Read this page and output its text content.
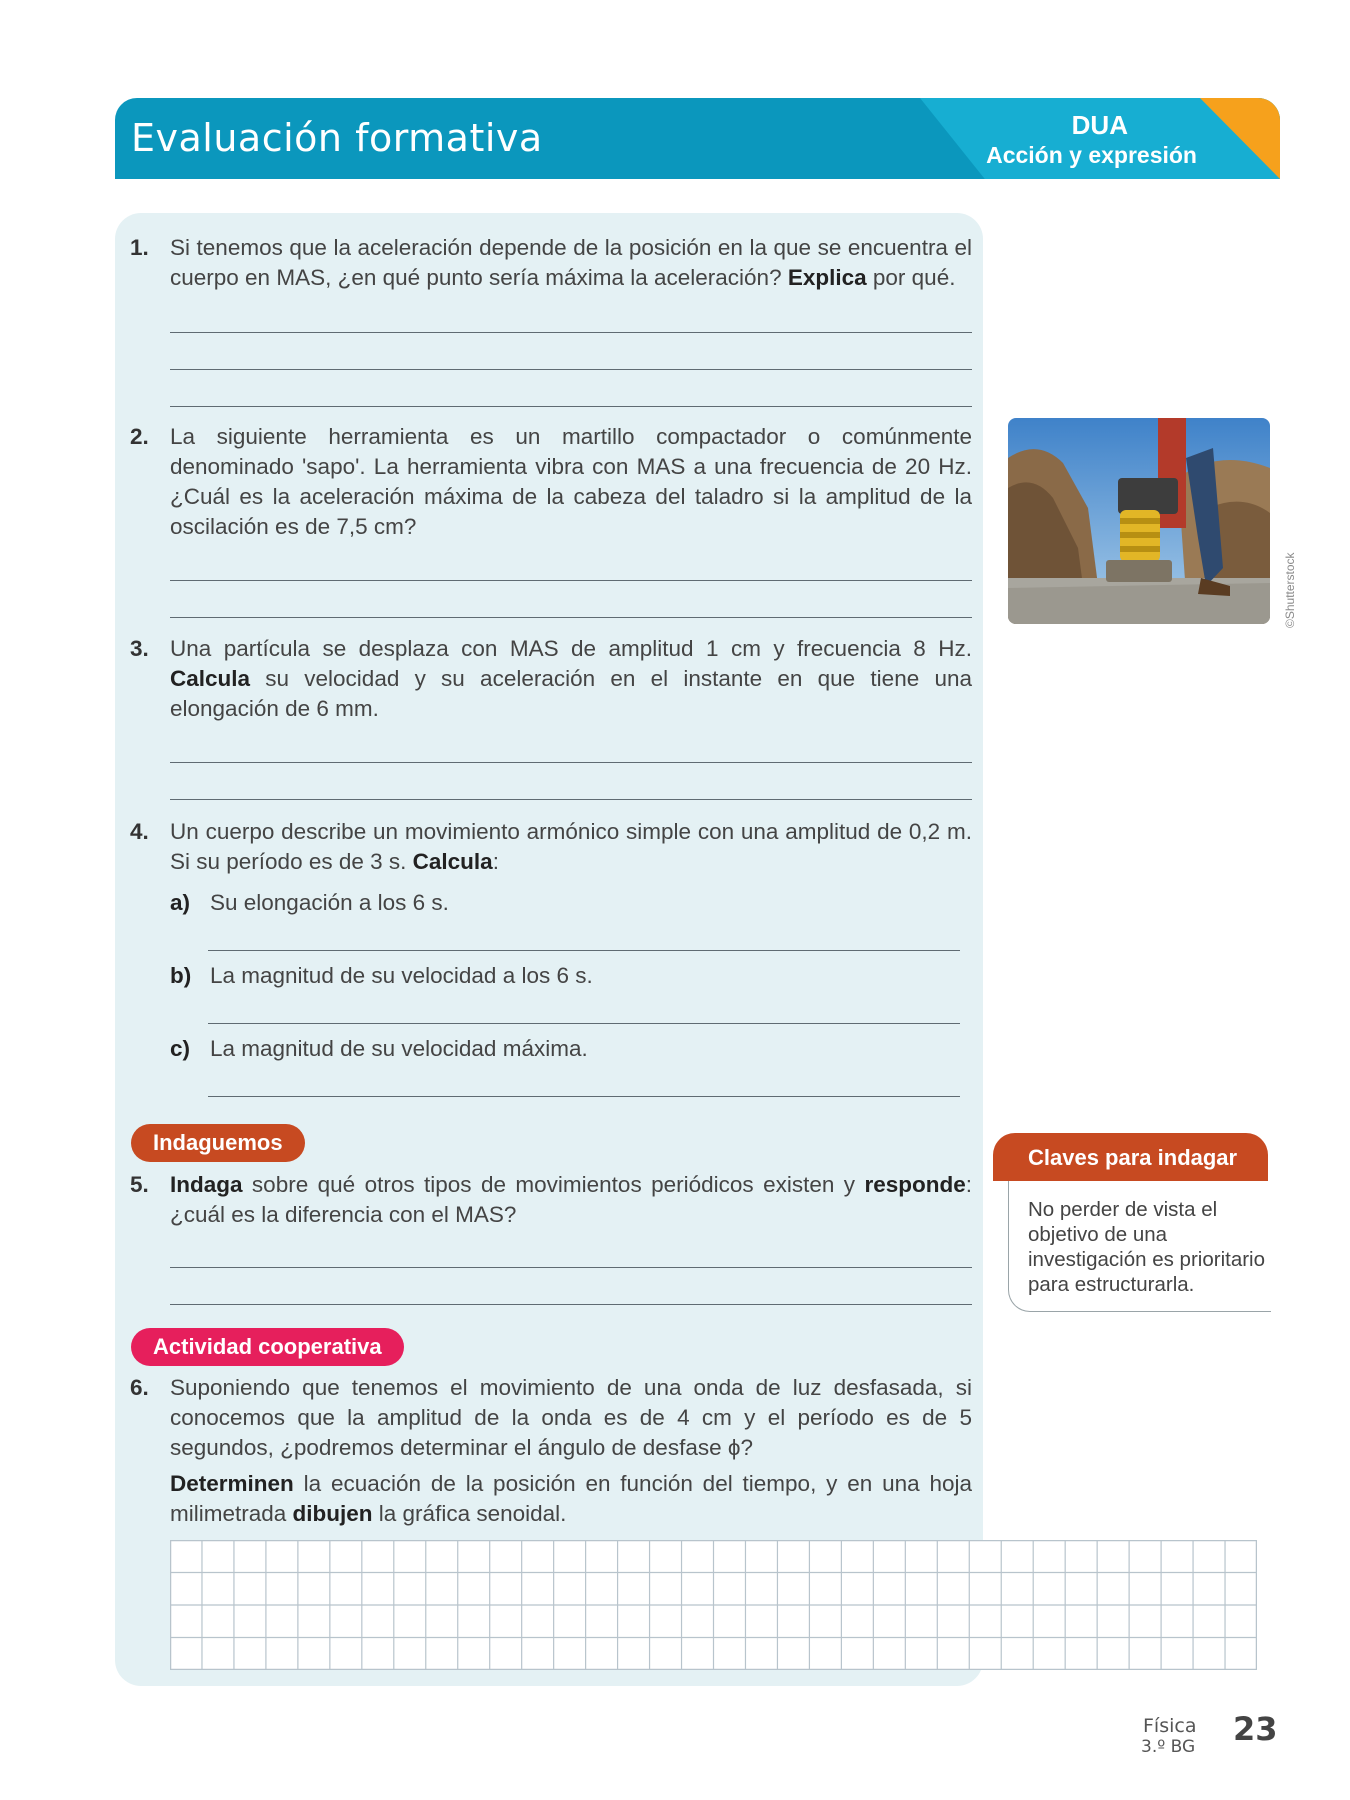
Evaluación formativa	DUA
Acción y expresión
1. Si tenemos que la aceleración depende de la posición en la que se encuentra el cuerpo en MAS, ¿en qué punto sería máxima la aceleración? Explica por qué.
2. La siguiente herramienta es un martillo compactador o comúnmente denominado 'sapo'. La herramienta vibra con MAS a una frecuencia de 20 Hz. ¿Cuál es la aceleración máxima de la cabeza del taladro si la amplitud de la oscilación es de 7,5 cm?
3. Una partícula se desplaza con MAS de amplitud 1 cm y frecuencia 8 Hz. Calcula su velocidad y su aceleración en el instante en que tiene una elongación de 6 mm.
4. Un cuerpo describe un movimiento armónico simple con una amplitud de 0,2 m. Si su período es de 3 s. Calcula:
a) Su elongación a los 6 s.
b) La magnitud de su velocidad a los 6 s.
c) La magnitud de su velocidad máxima.
Indaguemos
5. Indaga sobre qué otros tipos de movimientos periódicos existen y responde: ¿cuál es la diferencia con el MAS?
Actividad cooperativa
6. Suponiendo que tenemos el movimiento de una onda de luz desfasada, si conocemos que la amplitud de la onda es de 4 cm y el período es de 5 segundos, ¿podremos determinar el ángulo de desfase ϕ?
Determinen la ecuación de la posición en función del tiempo, y en una hoja milimetrada dibujen la gráfica senoidal.
©Shutterstock
Claves para indagar
No perder de vista el objetivo de una investigación es prioritario para estructurarla.
Física
3.º BG 23
